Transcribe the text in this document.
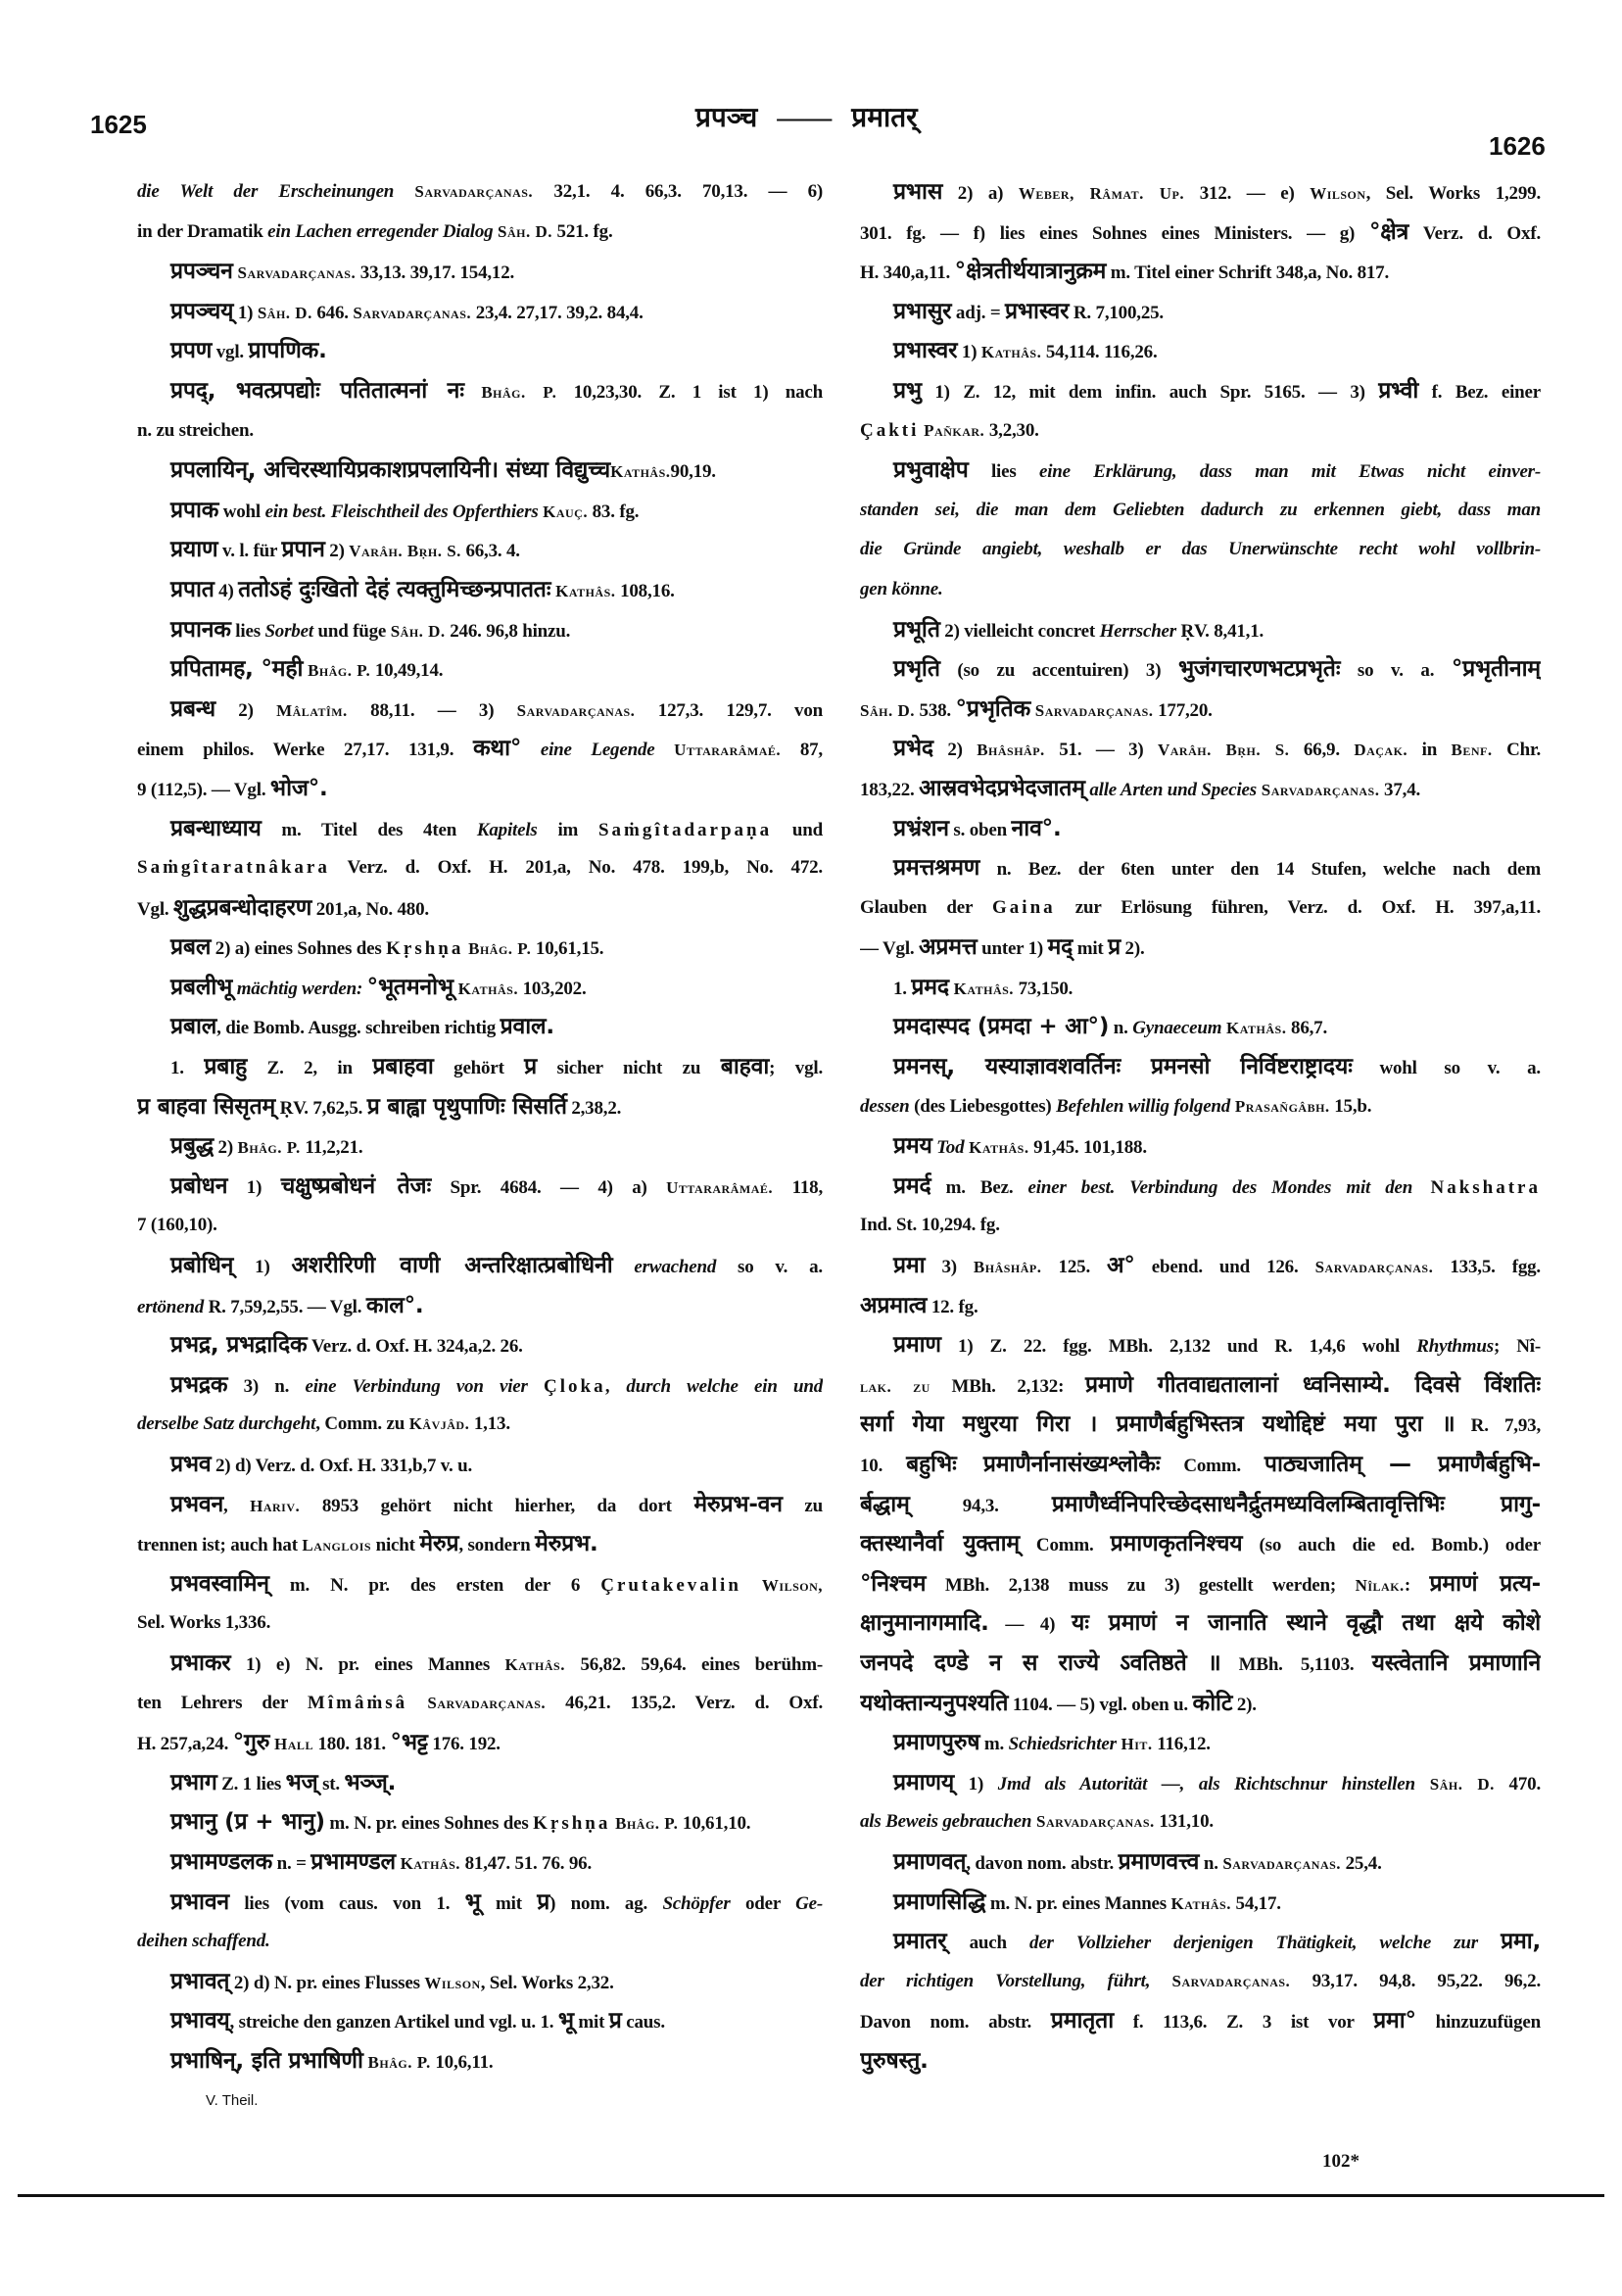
1625	प्रपञ्च —— प्रमातर्
1626
die Welt der Erscheinungen Sarvadarçanas. 32,1. 4. 66,3. 70,13. — 6)
in der Dramatik ein Lachen erregender Dialog Sâh. D. 521. fg.
प्रपञ्चन Sarvadarçanas. 33,13. 39,17. 154,12.
प्रपञ्चय् 1) Sâh. D. 646. Sarvadarçanas. 23,4. 27,17. 39,2. 84,4.
प्रपण vgl. प्रापणिक.
प्रपद्, भवत्प्रपद्योः पतितात्मनां नः Bhâg. P. 10,23,30. Z. 1 ist 1) nach
n. zu streichen.
प्रपलायिन्, अचिरस्थायिप्रकाशप्रपलायिनी। संध्या विद्युच्चKathâs.90,19.
प्रपाक wohl ein best. Fleischtheil des Opferthiers Kauç. 83. fg.
प्रयाण v. l. für प्रपान 2) Varâh. Bṛh. S. 66,3. 4.
प्रपात 4) ततोऽहं दुःखितो देहं त्यक्तुमिच्छन्प्रपाततः Kathâs. 108,16.
प्रपानक lies Sorbet und füge Sâh. D. 246. 96,8 hinzu.
प्रपितामह, °मही Bhâg. P. 10,49,14.
प्रबन्ध 2) Mâlatîm. 88,11. — 3) Sarvadarçanas. 127,3. 129,7. von
einem philos. Werke 27,17. 131,9. कथा° eine Legende Uttararâmaé. 87,
9 (112,5). — Vgl. भोज°.
प्रबन्धाध्याय m. Titel des 4ten Kapitels im Saṁgîtadarpaṇa und
Saṁgîtaratnâkara Verz. d. Oxf. H. 201,a, No. 478. 199,b, No. 472.
Vgl. शुद्धप्रबन्धोदाहरण 201,a, No. 480.
प्रबल 2) a) eines Sohnes des Kṛshṇa Bhâg. P. 10,61,15.
प्रबलीभू mächtig werden: °भूतमनोभू Kathâs. 103,202.
प्रबाल, die Bomb. Ausgg. schreiben richtig प्रवाल.
1. प्रबाहु Z. 2, in प्रबाहवा gehört प्र sicher nicht zu बाहवा; vgl.
प्र बाहवा सिसृतम् ṚV. 7,62,5. प्र बाह्वा पृथुपाणिः सिसर्ति 2,38,2.
प्रबुद्ध 2) Bhâg. P. 11,2,21.
प्रबोधन 1) चक्षुष्प्रबोधनं तेजः Spr. 4684. — 4) a) Uttararâmaé. 118,
7 (160,10).
प्रबोधिन् 1) अशरीरिणी वाणी अन्तरिक्षात्प्रबोधिनी erwachend so v. a.
ertönend R. 7,59,2,55. — Vgl. काल°.
प्रभद्र, प्रभद्रादिक Verz. d. Oxf. H. 324,a,2. 26.
प्रभद्रक 3) n. eine Verbindung von vier Çloka, durch welche ein und
derselbe Satz durchgeht, Comm. zu Kâvjâd. 1,13.
प्रभव 2) d) Verz. d. Oxf. H. 331,b,7 v. u.
प्रभवन, Hariv. 8953 gehört nicht hierher, da dort मेरुप्रभ-वन zu
trennen ist; auch hat Langlois nicht मेरुप्र, sondern मेरुप्रभ.
प्रभवस्वामिन् m. N. pr. des ersten der 6 Çrutakevalin Wilson,
Sel. Works 1,336.
प्रभाकर 1) e) N. pr. eines Mannes Kathâs. 56,82. 59,64. eines berühm-
ten Lehrers der Mîmâṁsâ Sarvadarçanas. 46,21. 135,2. Verz. d. Oxf.
H. 257,a,24. °गुरु Hall 180. 181. °भट्ट 176. 192.
प्रभाग Z. 1 lies भज् st. भञ्ज्.
प्रभानु (प्र + भानु) m. N. pr. eines Sohnes des Kṛshṇa Bhâg. P. 10,61,10.
प्रभामण्डलक n. = प्रभामण्डल Kathâs. 81,47. 51. 76. 96.
प्रभावन lies (vom caus. von 1. भू mit प्र) nom. ag. Schöpfer oder Ge-
deihen schaffend.
प्रभावत् 2) d) N. pr. eines Flusses Wilson, Sel. Works 2,32.
प्रभावय्, streiche den ganzen Artikel und vgl. u. 1. भू mit प्र caus.
प्रभाषिन्, इति प्रभाषिणी Bhâg. P. 10,6,11.
प्रभास 2) a) Weber, Râmat. Up. 312. — e) Wilson, Sel. Works 1,299.
301. fg. — f) lies eines Sohnes eines Ministers. — g) °क्षेत्र Verz. d. Oxf.
H. 340,a,11. °क्षेत्रतीर्थयात्रानुक्रम m. Titel einer Schrift 348,a, No. 817.
प्रभासुर adj. = प्रभास्वर R. 7,100,25.
प्रभास्वर 1) Kathâs. 54,114. 116,26.
प्रभु 1) Z. 12, mit dem infin. auch Spr. 5165. — 3) प्रभ्वी f. Bez. einer
Çakti Pañkar. 3,2,30.
प्रभुवाक्षेप lies eine Erklärung, dass man mit Etwas nicht einver-
standen sei, die man dem Geliebten dadurch zu erkennen giebt, dass man
die Gründe angiebt, weshalb er das Unerwünschte recht wohl vollbrin-
gen könne.
प्रभूति 2) vielleicht concret Herrscher ṚV. 8,41,1.
प्रभृति (so zu accentuiren) 3) भुजंगचारणभटप्रभृतेः so v. a. °प्रभृतीनाम्
Sâh. D. 538. °प्रभृतिक Sarvadarçanas. 177,20.
प्रभेद 2) Bhâshâp. 51. — 3) Varâh. Bṛh. S. 66,9. Daçak. in Benf. Chr.
183,22. आस्रवभेदप्रभेदजातम् alle Arten und Species Sarvadarçanas. 37,4.
प्रभ्रंशन s. oben नाव°.
प्रमत्तश्रमण n. Bez. der 6ten unter den 14 Stufen, welche nach dem
Glauben der Gaina zur Erlösung führen, Verz. d. Oxf. H. 397,a,11.
— Vgl. अप्रमत्त unter 1) मद् mit प्र 2).
1. प्रमद Kathâs. 73,150.
प्रमदास्पद (प्रमदा + आ°) n. Gynaeceum Kathâs. 86,7.
प्रमनस्, यस्याज्ञावशवर्तिनः प्रमनसो निर्विष्टराष्ट्रादयः wohl so v. a.
dessen (des Liebesgottes) Befehlen willig folgend Prasañgâbh. 15,b.
प्रमय Tod Kathâs. 91,45. 101,188.
प्रमर्द m. Bez. einer best. Verbindung des Mondes mit den Nakshatra
Ind. St. 10,294. fg.
प्रमा 3) Bhâshâp. 125. अ° ebend. und 126. Sarvadarçanas. 133,5. fgg.
अप्रमात्व 12. fg.
प्रमाण 1) Z. 22. fgg. MBh. 2,132 und R. 1,4,6 wohl Rhythmus; Nî-
lak. zu MBh. 2,132: प्रमाणे गीतवाद्यतालानां ध्वनिसाम्ये. दिवसे विंशतिः
सर्गा गेया मधुरया गिरा । प्रमाणैर्बहुभिस्तत्र यथोद्दिष्टं मया पुरा ॥ R. 7,93,
10. बहुभिः प्रमाणैर्नानासंख्यश्लोकैः Comm. पाठ्यजातिम् — प्रमाणैर्बहुभि-
र्बद्धाम् 94,3. प्रमाणैर्ध्वनिपरिच्छेदसाधनैर्द्रुतमध्यविलम्बितावृत्तिभिः प्रागु-
क्तस्थानैर्वा युक्ताम् Comm. प्रमाणकृतनिश्चय (so auch die ed. Bomb.) oder
°निश्चम MBh. 2,138 muss zu 3) gestellt werden; Nîlak.: प्रमाणं प्रत्य-
क्षानुमानागमादि. — 4) यः प्रमाणं न जानाति स्थाने वृद्धौ तथा क्षये कोशे
जनपदे दण्डे न स राज्ये ऽवतिष्ठते ॥ MBh. 5,1103. यस्त्वेतानि प्रमाणानि
यथोक्तान्यनुपश्यति 1104. — 5) vgl. oben u. कोटि 2).
प्रमाणपुरुष m. Schiedsrichter Hit. 116,12.
प्रमाणय् 1) Jmd als Autorität —, als Richtschnur hinstellen Sâh. D. 470.
als Beweis gebrauchen Sarvadarçanas. 131,10.
प्रमाणवत्, davon nom. abstr. प्रमाणवत्त्व n. Sarvadarçanas. 25,4.
प्रमाणसिद्धि m. N. pr. eines Mannes Kathâs. 54,17.
प्रमातर् auch der Vollzieher derjenigen Thätigkeit, welche zur प्रमा,
der richtigen Vorstellung, führt, Sarvadarçanas. 93,17. 94,8. 95,22. 96,2.
Davon nom. abstr. प्रमातृता f. 113,6. Z. 3 ist vor प्रमा° hinzuzufügen
पुरुषस्तु.
V. Theil.
102*
